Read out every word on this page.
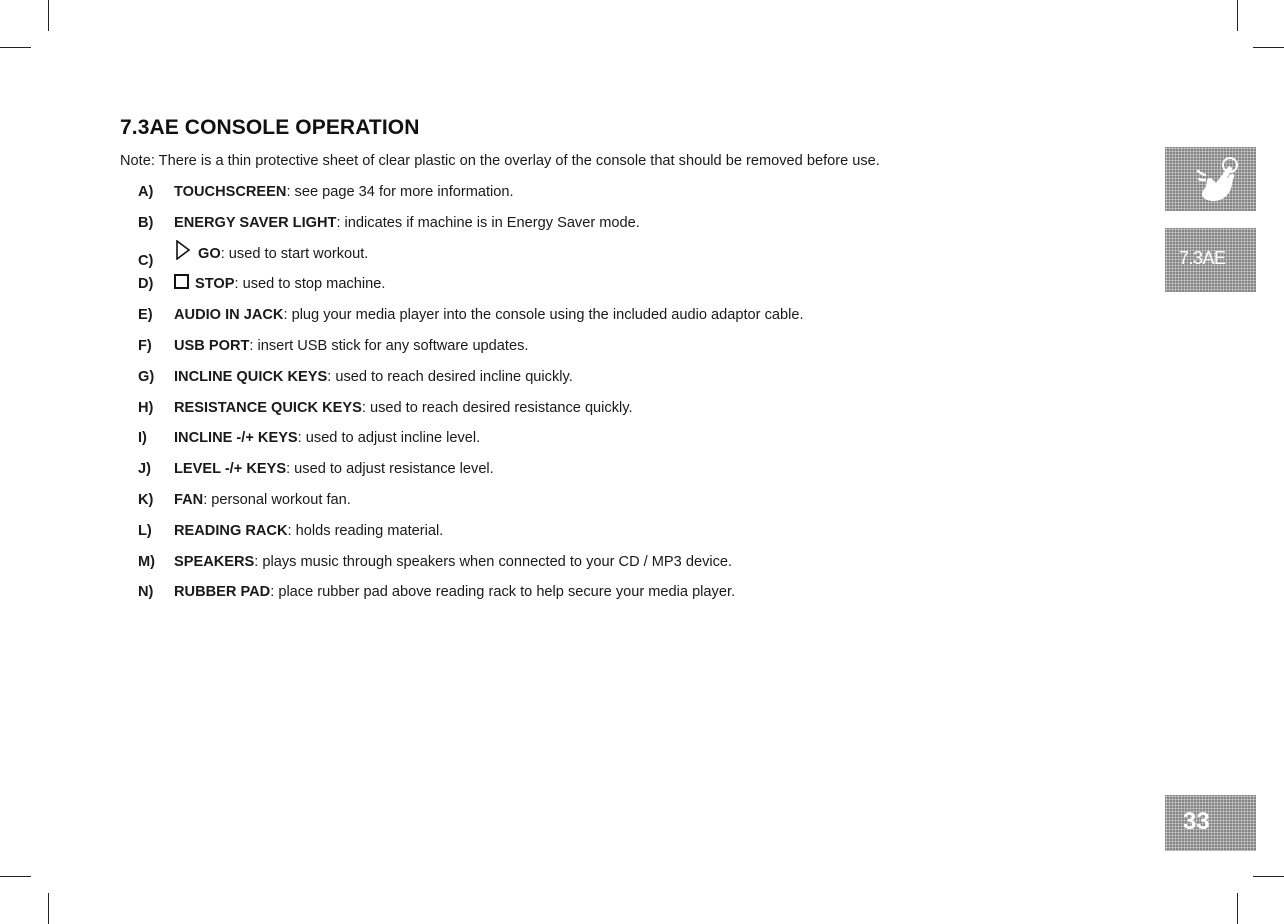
7.3AE CONSOLE OPERATION
Note: There is a thin protective sheet of clear plastic on the overlay of the console that should be removed before use.
A)	TOUCHSCREEN: see page 34 for more information.
B)	ENERGY SAVER LIGHT: indicates if machine is in Energy Saver mode.
C)	GO: used to start workout.
D)	STOP: used to stop machine.
E)	AUDIO IN JACK: plug your media player into the console using the included audio adaptor cable.
F)	USB PORT: insert USB stick for any software updates.
G)	INCLINE QUICK KEYS: used to reach desired incline quickly.
H)	RESISTANCE QUICK KEYS: used to reach desired resistance quickly.
I)	INCLINE -/+ KEYS: used to adjust incline level.
J)	LEVEL -/+ KEYS: used to adjust resistance level.
K)	FAN: personal workout fan.
L)	READING RACK: holds reading material.
M)	SPEAKERS: plays music through speakers when connected to your CD / MP3 device.
N)	RUBBER PAD: place rubber pad above reading rack to help secure your media player.
7.3AE
33
